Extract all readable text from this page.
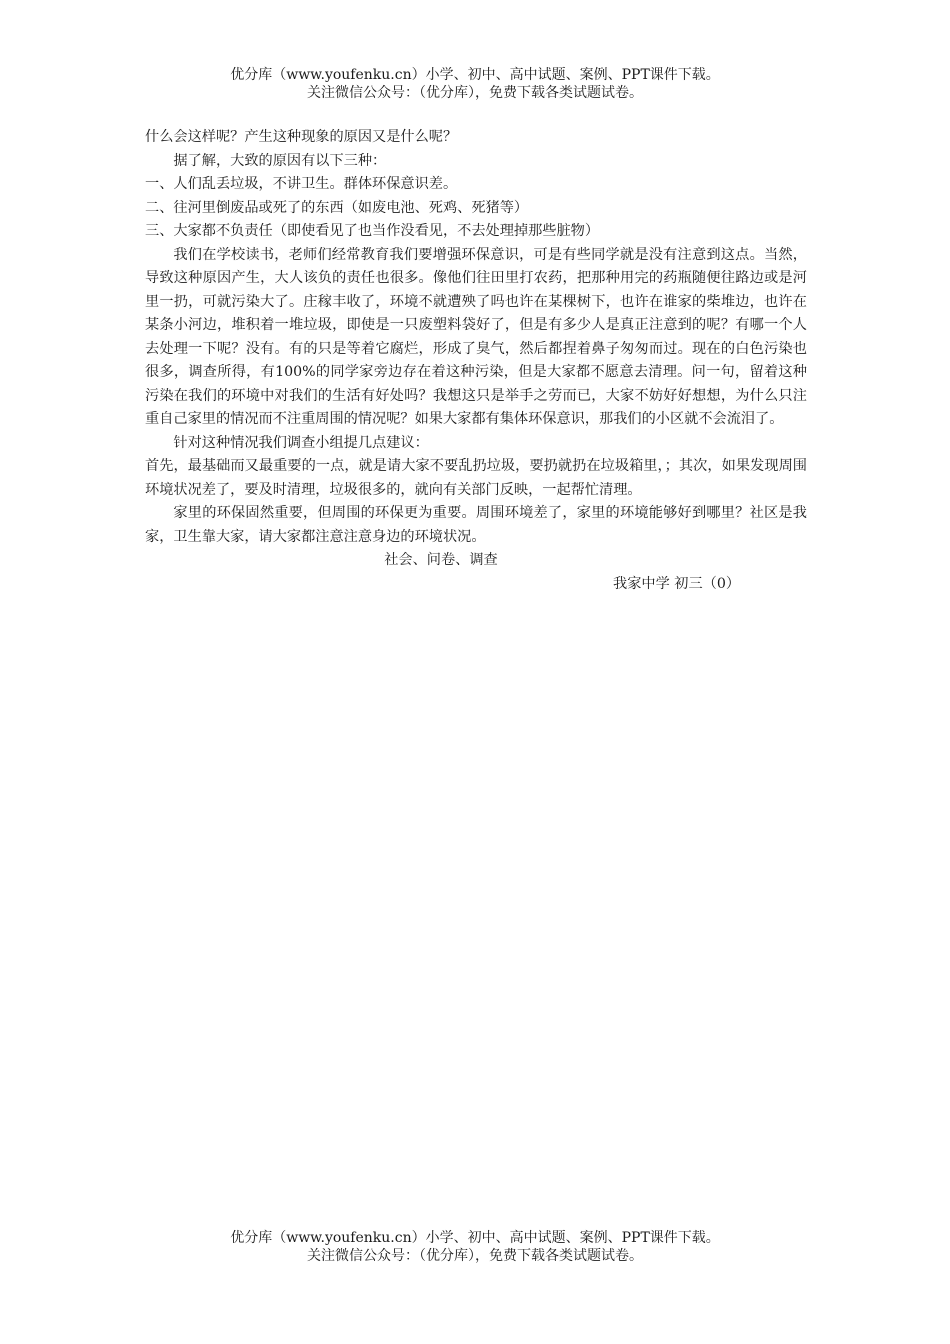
优分库（www.youfenku.cn）小学、初中、高中试题、案例、PPT课件下载。
关注微信公众号：（优分库），免费下载各类试题试卷。

什么会这样呢？产生这种现象的原因又是什么呢？

据了解，大致的原因有以下三种：

一、人们乱丢垃圾，不讲卫生。群体环保意识差。

二、往河里倒废品或死了的东西（如废电池、死鸡、死猪等）

三、大家都不负责任（即使看见了也当作没看见，不去处理掉那些脏物）

我们在学校读书，老师们经常教育我们要增强环保意识，可是有些同学就是没有注意到这点。当然，导致这种原因产生，大人该负的责任也很多。像他们往田里打农药，把那种用完的药瓶随便往路边或是河里一扔，可就污染大了。庄稼丰收了，环境不就遭殃了吗也许在某棵树下，也许在谁家的柴堆边，也许在某条小河边，堆积着一堆垃圾，即使是一只废塑料袋好了，但是有多少人是真正注意到的呢？有哪一个人去处理一下呢？没有。有的只是等着它腐烂，形成了臭气，然后都捏着鼻子匆匆而过。现在的白色污染也很多，调查所得，有100%的同学家旁边存在着这种污染，但是大家都不愿意去清理。问一句，留着这种污染在我们的环境中对我们的生活有好处吗？我想这只是举手之劳而已，大家不妨好好想想，为什么只注重自己家里的情况而不注重周围的情况呢？如果大家都有集体环保意识，那我们的小区就不会流泪了。

针对这种情况我们调查小组提几点建议：

首先，最基础而又最重要的一点，就是请大家不要乱扔垃圾，要扔就扔在垃圾箱里，；其次，如果发现周围环境状况差了，要及时清理，垃圾很多的，就向有关部门反映，一起帮忙清理。

家里的环保固然重要，但周围的环保更为重要。周围环境差了，家里的环境能够好到哪里？社区是我家，卫生靠大家，请大家都注意注意身边的环境状况。

社会、问卷、调查

我家中学 初三（0）

优分库（www.youfenku.cn）小学、初中、高中试题、案例、PPT课件下载。
关注微信公众号：（优分库），免费下载各类试题试卷。
